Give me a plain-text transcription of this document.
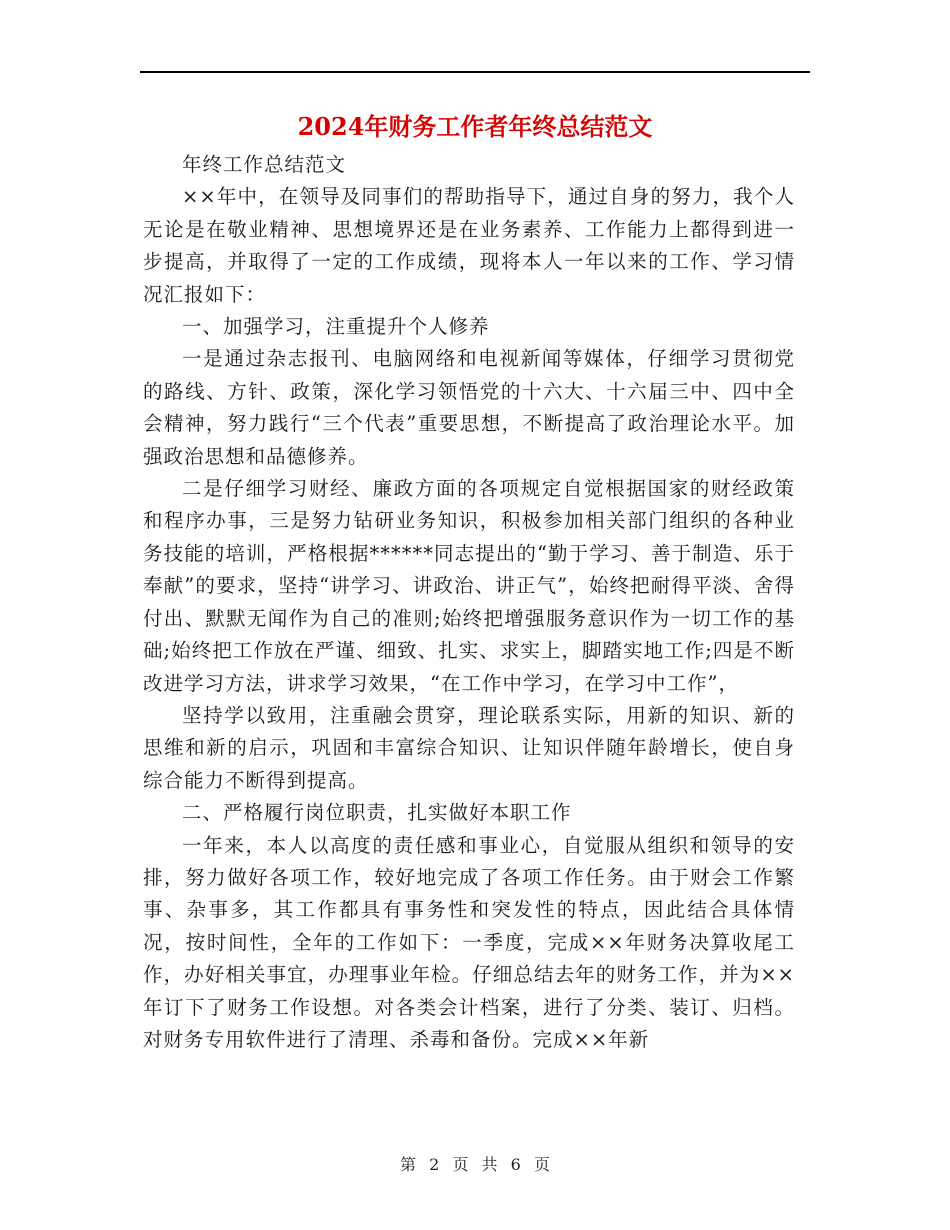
2024年财务工作者年终总结范文

年终工作总结范文

××年中，在领导及同事们的帮助指导下，通过自身的努力，我个人无论是在敬业精神、思想境界还是在业务素养、工作能力上都得到进一步提高，并取得了一定的工作成绩，现将本人一年以来的工作、学习情况汇报如下：

一、加强学习，注重提升个人修养

一是通过杂志报刊、电脑网络和电视新闻等媒体，仔细学习贯彻党的路线、方针、政策，深化学习领悟党的十六大、十六届三中、四中全会精神，努力践行“三个代表”重要思想，不断提高了政治理论水平。加强政治思想和品德修养。

二是仔细学习财经、廉政方面的各项规定自觉根据国家的财经政策和程序办事，三是努力钻研业务知识，积极参加相关部门组织的各种业务技能的培训，严格根据******同志提出的“勤于学习、善于制造、乐于奉献”的要求，坚持“讲学习、讲政治、讲正气”，始终把耐得平淡、舍得付出、默默无闻作为自己的准则;始终把增强服务意识作为一切工作的基础;始终把工作放在严谨、细致、扎实、求实上，脚踏实地工作;四是不断改进学习方法，讲求学习效果，“在工作中学习，在学习中工作”，

坚持学以致用，注重融会贯穿，理论联系实际，用新的知识、新的思维和新的启示，巩固和丰富综合知识、让知识伴随年龄增长，使自身综合能力不断得到提高。

二、严格履行岗位职责，扎实做好本职工作

一年来，本人以高度的责任感和事业心，自觉服从组织和领导的安排，努力做好各项工作，较好地完成了各项工作任务。由于财会工作繁事、杂事多，其工作都具有事务性和突发性的特点，因此结合具体情况，按时间性，全年的工作如下：一季度，完成××年财务决算收尾工作，办好相关事宜，办理事业年检。仔细总结去年的财务工作，并为××年订下了财务工作设想。对各类会计档案，进行了分类、装订、归档。对财务专用软件进行了清理、杀毒和备份。完成××年新

第 2 页 共 6 页
